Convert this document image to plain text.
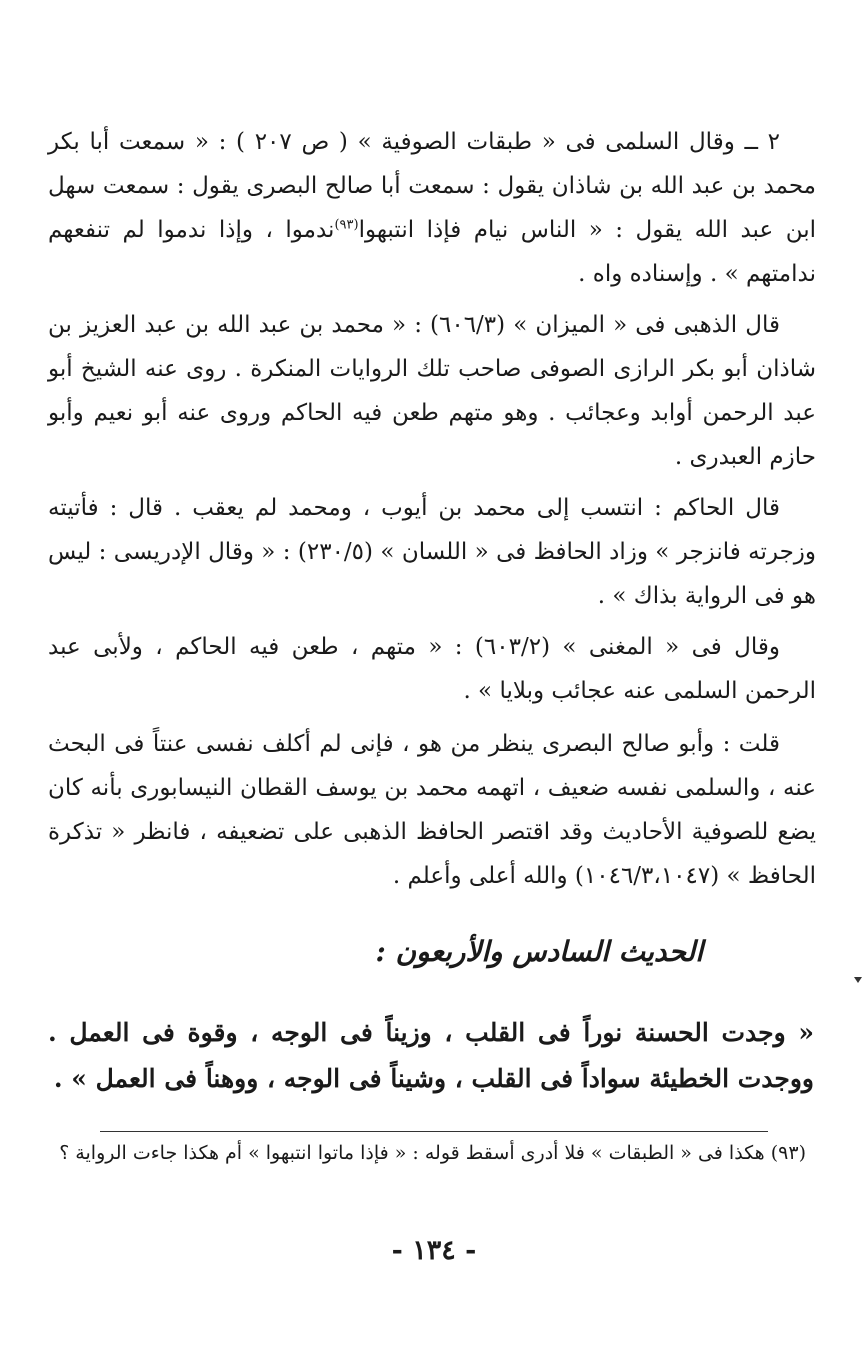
٢ ــ وقال السلمى فى « طبقات الصوفية » ( ص ٢٠٧ ) : « سمعت أبا بكر محمد بن عبد الله بن شاذان يقول : سمعت أبا صالح البصرى يقول : سمعت سهل ابن عبد الله يقول : « الناس نيام فإذا انتبهوا$^{(٩٣)}$ندموا ، وإذا ندموا لم تنفعهم ندامتهم » . وإسناده واه .

قال الذهبى فى « الميزان » (٦٠٦/٣) : « محمد بن عبد الله بن عبد العزيز بن شاذان أبو بكر الرازى الصوفى صاحب تلك الروايات المنكرة . روى عنه الشيخ أبو عبد الرحمن أوابد وعجائب . وهو متهم طعن فيه الحاكم وروى عنه أبو نعيم وأبو حازم العبدرى .

قال الحاكم : انتسب إلى محمد بن أيوب ، ومحمد لم يعقب . قال : فأتيته وزجرته فانزجر » وزاد الحافظ فى « اللسان » (٢٣٠/٥) : « وقال الإدريسى : ليس هو فى الرواية بذاك » .

وقال فى « المغنى » (٦٠٣/٢) : « متهم ، طعن فيه الحاكم ، ولأبى عبد الرحمن السلمى عنه عجائب وبلايا » .

قلت : وأبو صالح البصرى ينظر من هو ، فإنى لم أكلف نفسى عنتاً فى البحث عنه ، والسلمى نفسه ضعيف ، اتهمه محمد بن يوسف القطان النيسابورى بأنه كان يضع للصوفية الأحاديث وقد اقتصر الحافظ الذهبى على تضعيفه ، فانظر « تذكرة الحافظ » (١٠٤٦/٣،١٠٤٧) والله أعلى وأعلم .

الحديث السادس والأربعون :
« وجدت الحسنة نوراً فى القلب ، وزيناً فى الوجه ، وقوة فى العمل . ووجدت الخطيئة سواداً فى القلب ، وشيناً فى الوجه ، ووهناً فى العمل » .
(٩٣) هكذا فى « الطبقات » فلا أدرى أسقط قوله : « فإذا ماتوا انتبهوا » أم هكذا جاءت الرواية ؟
- ١٣٤ -
